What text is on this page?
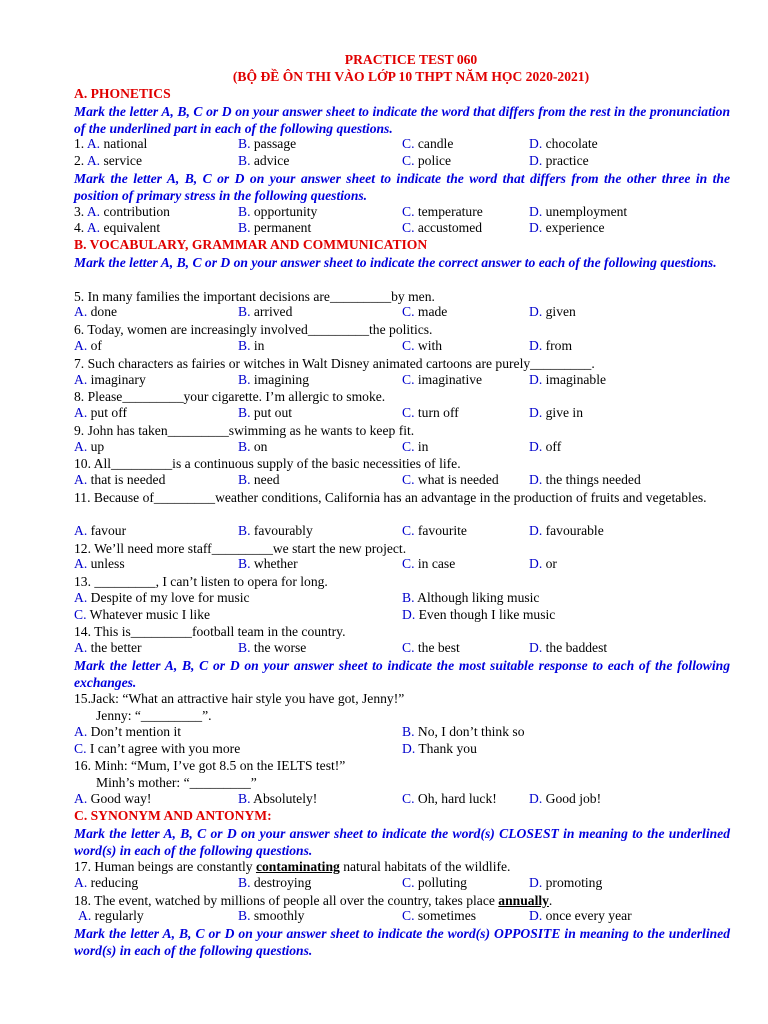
PRACTICE TEST 060
(BỘ ĐỀ ÔN THI VÀO LỚP 10 THPT NĂM HỌC 2020-2021)
A. PHONETICS
Mark the letter A, B, C or D on your answer sheet to indicate the word that differs from the rest in the pronunciation of the underlined part in each of the following questions.
1. A. national	B. passage	C. candle	D. chocolate
2. A. service	B. advice	C. police	D. practice
Mark the letter A, B, C or D on your answer sheet to indicate the word that differs from the other three in the position of primary stress in the following questions.
3. A. contribution	B. opportunity	C. temperature	D. unemployment
4. A. equivalent	B. permanent	C. accustomed	D. experience
B. VOCABULARY, GRAMMAR AND COMMUNICATION
Mark the letter A, B, C or D on your answer sheet to indicate the correct answer to each of the following questions.
5. In many families the important decisions are_________by men.
A. done	B. arrived	C. made	D. given
6. Today, women are increasingly involved_________the politics.
A. of	B. in	C. with	D. from
7. Such characters as fairies or witches in Walt Disney animated cartoons are purely_________.
A. imaginary	B. imagining	C. imaginative	D. imaginable
8. Please_________your cigarette. I’m allergic to smoke.
A. put off	B. put out	C. turn off	D. give in
9. John has taken_________swimming as he wants to keep fit.
A. up	B. on	C. in	D. off
10. All_________is a continuous supply of the basic necessities of life.
A. that is needed	B. need	C. what is needed D. the things needed
11. Because of_________weather conditions, California has an advantage in the production of fruits and vegetables.
A. favour	B. favourably	C. favourite	D. favourable
12. We’ll need more staff_________we start the new project.
A. unless	B. whether	C. in case	D. or
13. _________, I can’t listen to opera for long.
A. Despite of my love for music	B. Although liking music
C. Whatever music I like	D. Even though I like music
14. This is_________football team in the country.
A. the better	B. the worse	C. the best	D. the baddest
Mark the letter A, B, C or D on your answer sheet to indicate the most suitable response to each of the following exchanges.
15.Jack: “What an attractive hair style you have got, Jenny!”
Jenny: “_________”.
A. Don’t mention it	B. No, I don’t think so
C. I can’t agree with you more	D. Thank you
16. Minh: “Mum, I’ve got 8.5 on the IELTS test!”
Minh’s mother: “_________”
A. Good way!	B. Absolutely!	C. Oh, hard luck! D. Good job!
C. SYNONYM AND ANTONYM:
Mark the letter A, B, C or D on your answer sheet to indicate the word(s) CLOSEST in meaning to the underlined word(s) in each of the following questions.
17. Human beings are constantly contaminating natural habitats of the wildlife.
A. reducing	B. destroying	C. polluting	D. promoting
18. The event, watched by millions of people all over the country, takes place annually.
A. regularly	B. smoothly	C. sometimes	D. once every year
Mark the letter A, B, C or D on your answer sheet to indicate the word(s) OPPOSITE in meaning to the underlined word(s) in each of the following questions.
